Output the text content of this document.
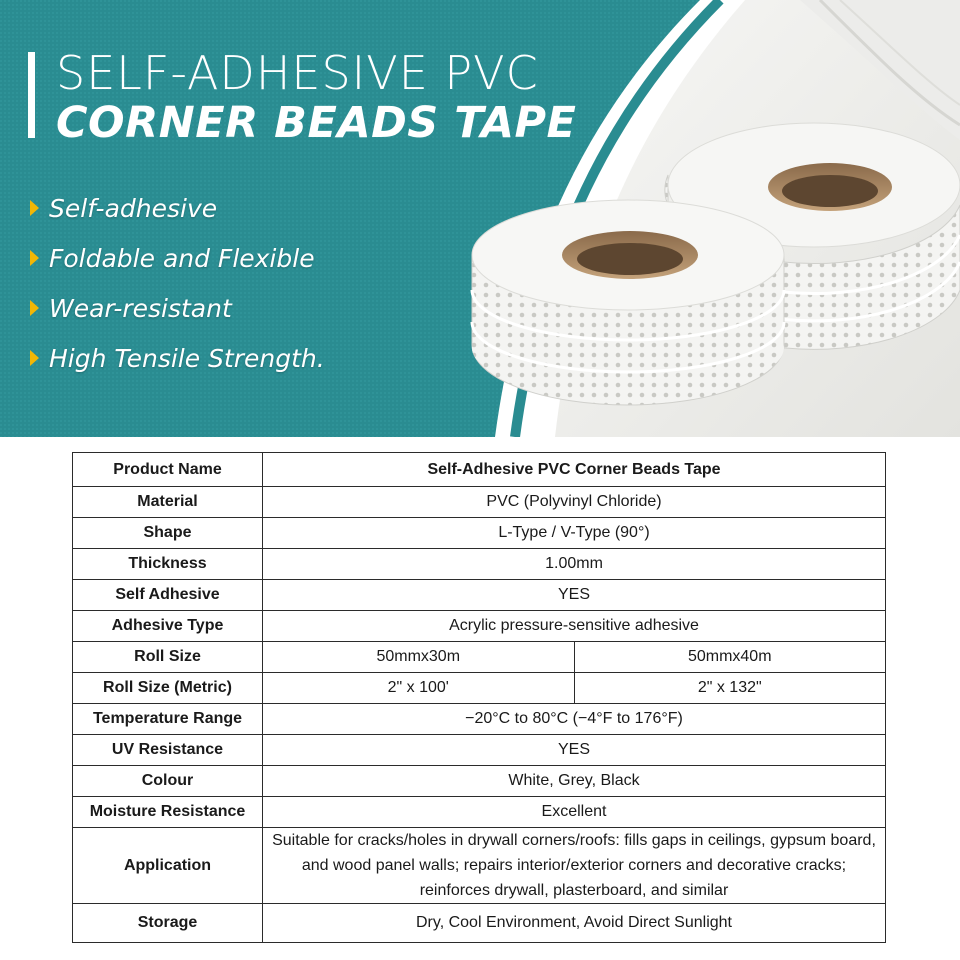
SELF-ADHESIVE PVC
CORNER BEADS TAPE
Self-adhesive
Foldable and Flexible
Wear-resistant
High Tensile Strength.
Product Name	Self-Adhesive PVC Corner Beads Tape	
Material	PVC (Polyvinyl Chloride)	
Shape	L-Type / V-Type (90°)	
Thickness	1.00mm	
Self Adhesive	YES	
Adhesive Type	Acrylic pressure-sensitive adhesive	
Roll Size	50mmx30m	50mmx40m
Roll Size (Metric)	2" x 100'	2" x 132"
Temperature Range	−20°C to 80°C (−4°F to 176°F)	
UV Resistance	YES	
Colour	White, Grey, Black	
Moisture Resistance	Excellent	
Application	Suitable for cracks/holes in drywall corners/roofs: fills gaps in ceilings, gypsum board, and wood panel walls; repairs interior/exterior corners and decorative cracks; reinforces drywall, plasterboard, and similar	
Storage	Dry, Cool Environment, Avoid Direct Sunlight	
